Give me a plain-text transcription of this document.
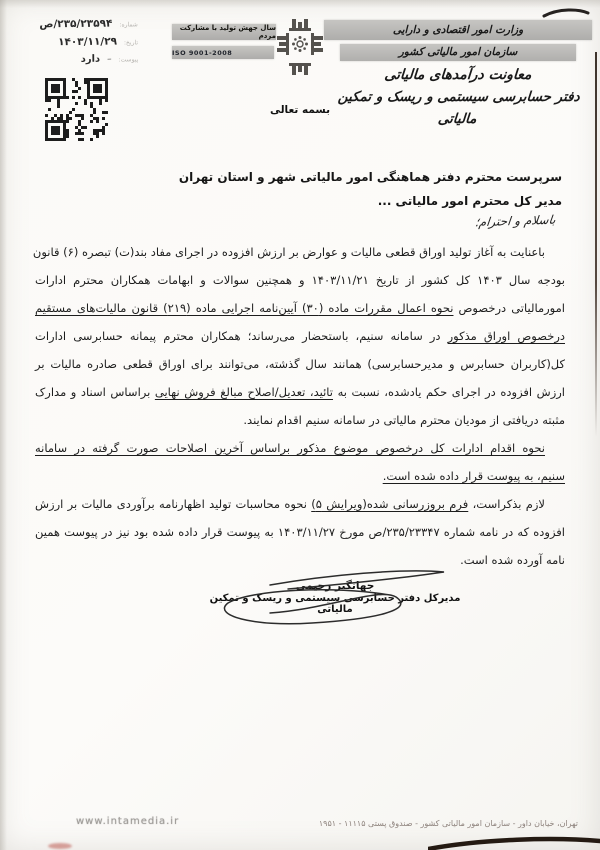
شماره:
۲۳۵/۲۳۵۹۴/ص
تاریخ:
۱۴۰۳/۱۱/۲۹
پیوست:
–
دارد
سال جهش تولید با مشارکت مردم
ISO 9001-2008
وزارت امور اقتصادی و دارایی
سازمان امور مالیاتی کشور
معاونت درآمدهای مالیاتی
دفتر حسابرسی سیستمی و ریسک و تمکین مالیاتی
بسمه تعالی
سرپرست محترم دفتر هماهنگی امور مالیاتی شهر و استان تهران
مدیر کل محترم امور مالیاتی ...
باسلام و احترام؛
باعنایت به آغاز تولید اوراق قطعی مالیات و عوارض بر ارزش افزوده در اجرای مفاد بند(ت) تبصره (۶) قانون
بودجه سال ۱۴۰۳ کل کشور از تاریخ ۱۴۰۳/۱۱/۲۱ و همچنین سوالات و ابهامات همکاران محترم ادارات
امورمالیاتی درخصوص نحوه اعمال مقررات ماده (۳۰) آیین‌نامه اجرایی ماده (۲۱۹) قانون مالیات‌های مستقیم
درخصوص اوراق مذکور در سامانه سنیم، باستحضار می‌رساند؛ همکاران محترم پیمانه حسابرسی ادارات
کل(کاربران حسابرس و مدیرحسابرسی) همانند سال گذشته، می‌توانند برای اوراق قطعی صادره مالیات بر
ارزش افزوده در اجرای حکم یادشده، نسبت به تائید، تعدیل/اصلاح مبالغ فروش نهایی براساس اسناد و مدارک
مثبته دریافتی از مودیان محترم مالیاتی در سامانه سنیم اقدام نمایند.
نحوه اقدام ادارات کل درخصوص موضوع مذکور براساس آخرین اصلاحات صورت گرفته در سامانه
سنیم، به پیوست قرار داده شده است.
لازم بذکراست، فرم بروزرسانی شده(ویرایش ۵) نحوه محاسبات تولید اظهارنامه برآوردی مالیات بر ارزش
افزوده که در نامه شماره ۲۳۵/۲۳۳۴۷/ص مورخ ۱۴۰۳/۱۱/۲۷ به پیوست قرار داده شده بود نیز در پیوست همین
نامه آورده شده است.
جهانگیر رحیمی
مدیرکل دفتر حسابرسی سیستمی و ریسک و تمکین مالیاتی
www.intamedia.ir	تهران، خیابان داور - سازمان امور مالیاتی کشور - صندوق پستی ۱۱۱۱۵ - ۱۹۵۱
